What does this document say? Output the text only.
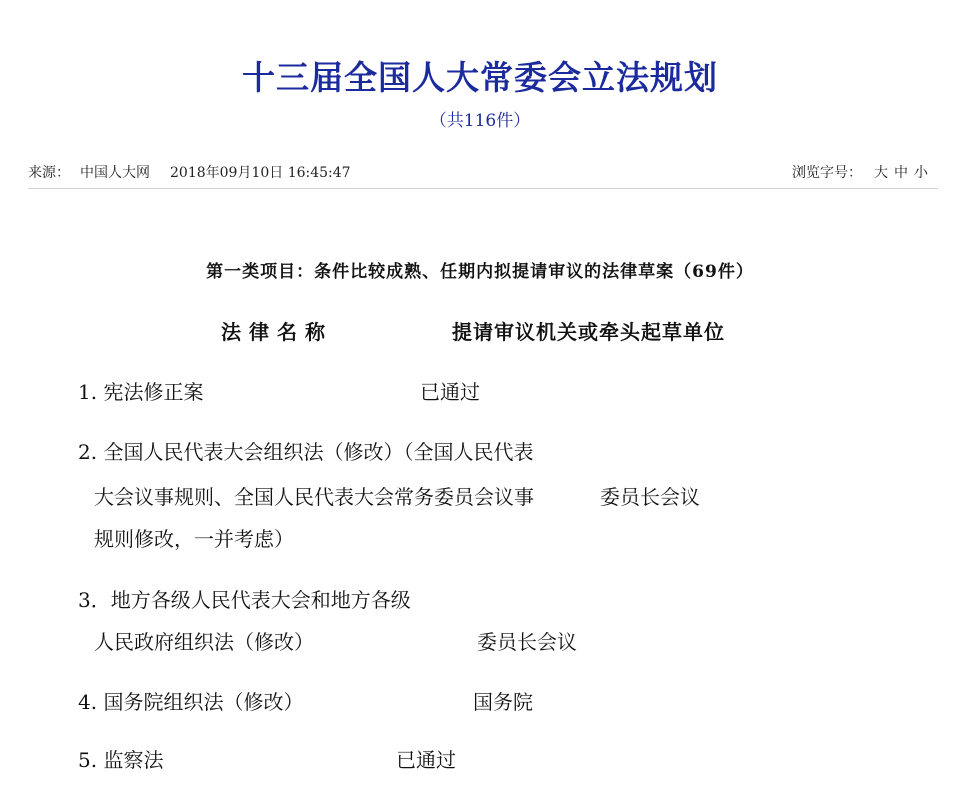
十三届全国人大常委会立法规划
（共116件）
来源： 中国人大网 2018年09月10日 16:45:47	浏览字号： 大 中 小
第一类项目：条件比较成熟、任期内拟提请审议的法律草案（69件）
法律名称	提请审议机关或牵头起草单位
1. 宪法修正案	已通过
2. 全国人民代表大会组织法（修改）（全国人民代表
大会议事规则、全国人民代表大会常务委员会议事	委员长会议
规则修改，一并考虑）
3．地方各级人民代表大会和地方各级
人民政府组织法（修改）	委员长会议
4. 国务院组织法（修改）	国务院
5. 监察法	已通过
